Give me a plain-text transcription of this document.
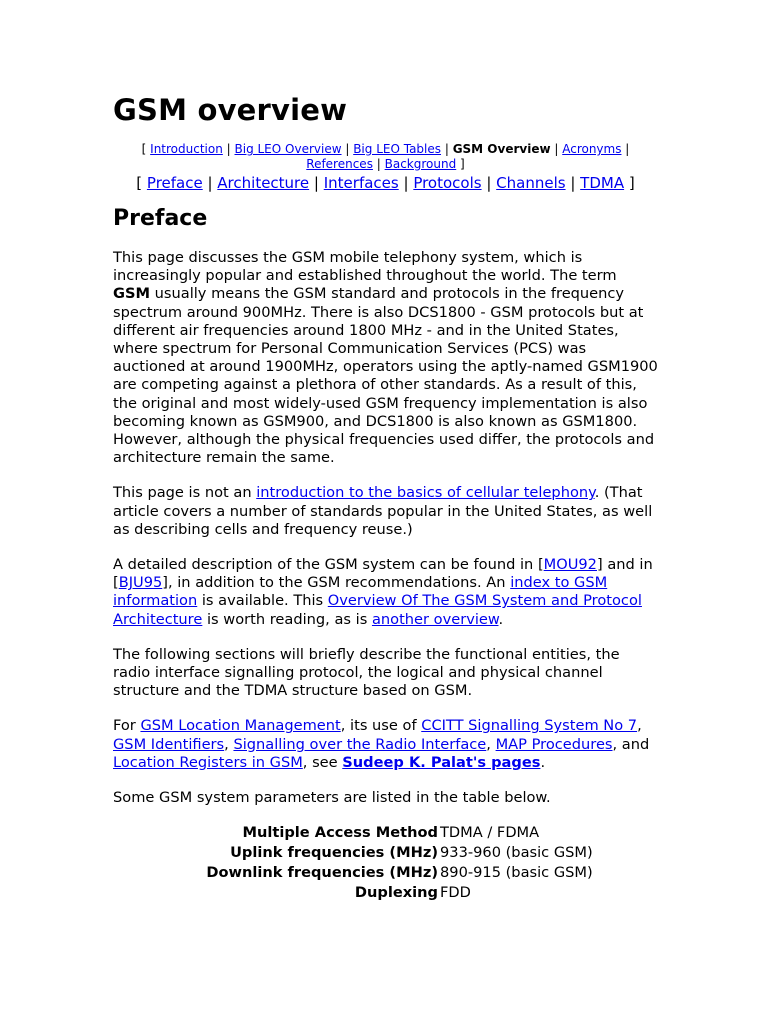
GSM overview
[ Introduction | Big LEO Overview | Big LEO Tables | GSM Overview | Acronyms |
References | Background ]
[ Preface | Architecture | Interfaces | Protocols | Channels | TDMA ]
Preface

This page discusses the GSM mobile telephony system, which is increasingly popular and established throughout the world. The term GSM usually means the GSM standard and protocols in the frequency spectrum around 900MHz. There is also DCS1800 - GSM protocols but at different air frequencies around 1800 MHz - and in the United States, where spectrum for Personal Communication Services (PCS) was auctioned at around 1900MHz, operators using the aptly-named GSM1900 are competing against a plethora of other standards. As a result of this, the original and most widely-used GSM frequency implementation is also becoming known as GSM900, and DCS1800 is also known as GSM1800. However, although the physical frequencies used differ, the protocols and architecture remain the same.

This page is not an introduction to the basics of cellular telephony. (That article covers a number of standards popular in the United States, as well as describing cells and frequency reuse.)

A detailed description of the GSM system can be found in [MOU92] and in [BJU95], in addition to the GSM recommendations. An index to GSM information is available. This Overview Of The GSM System and Protocol Architecture is worth reading, as is another overview.

The following sections will briefly describe the functional entities, the radio interface signalling protocol, the logical and physical channel structure and the TDMA structure based on GSM.

For GSM Location Management, its use of CCITT Signalling System No 7, GSM Identifiers, Signalling over the Radio Interface, MAP Procedures, and Location Registers in GSM, see Sudeep K. Palat's pages.

Some GSM system parameters are listed in the table below.

Multiple Access Method TDMA / FDMA
Uplink frequencies (MHz) 933-960 (basic GSM)
Downlink frequencies (MHz) 890-915 (basic GSM)
Duplexing FDD
